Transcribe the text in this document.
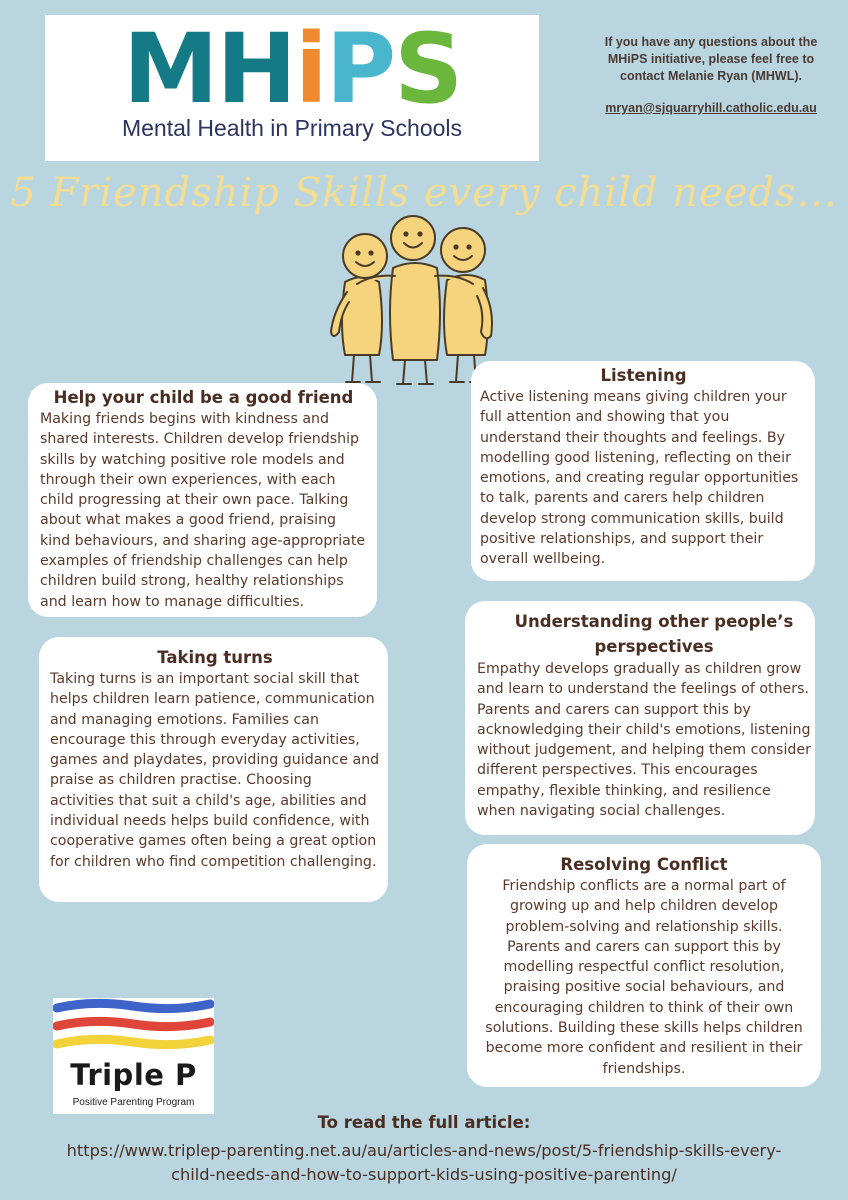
MHiPS
Mental Health in Primary Schools
If you have any questions about the
MHiPS initiative, please feel free to
contact Melanie Ryan (MHWL).
mryan@sjquarryhill.catholic.edu.au
5 Friendship Skills every child needs...
Help your child be a good friend

Making friends begins with kindness and shared interests. Children develop friendship skills by watching positive role models and through their own experiences, with each child progressing at their own pace. Talking about what makes a good friend, praising kind behaviours, and sharing age-appropriate examples of friendship challenges can help children build strong, healthy relationships and learn how to manage difficulties.

Listening

Active listening means giving children your full attention and showing that you understand their thoughts and feelings. By modelling good listening, reflecting on their emotions, and creating regular opportunities to talk, parents and carers help children develop strong communication skills, build positive relationships, and support their overall wellbeing.

Taking turns

Taking turns is an important social skill that helps children learn patience, communication and managing emotions. Families can encourage this through everyday activities, games and playdates, providing guidance and praise as children practise. Choosing activities that suit a child's age, abilities and individual needs helps build confidence, with cooperative games often being a great option for children who find competition challenging.

Understanding other people’s perspectives

Empathy develops gradually as children grow and learn to understand the feelings of others. Parents and carers can support this by acknowledging their child's emotions, listening without judgement, and helping them consider different perspectives. This encourages empathy, flexible thinking, and resilience when navigating social challenges.

Resolving Conflict

Friendship conflicts are a normal part of growing up and help children develop problem-solving and relationship skills. Parents and carers can support this by modelling respectful conflict resolution, praising positive social behaviours, and encouraging children to think of their own solutions. Building these skills helps children become more confident and resilient in their friendships.

Triple P
Positive Parenting Program
To read the full article:
https://www.triplep-parenting.net.au/au/articles-and-news/post/5-friendship-skills-every-
child-needs-and-how-to-support-kids-using-positive-parenting/
